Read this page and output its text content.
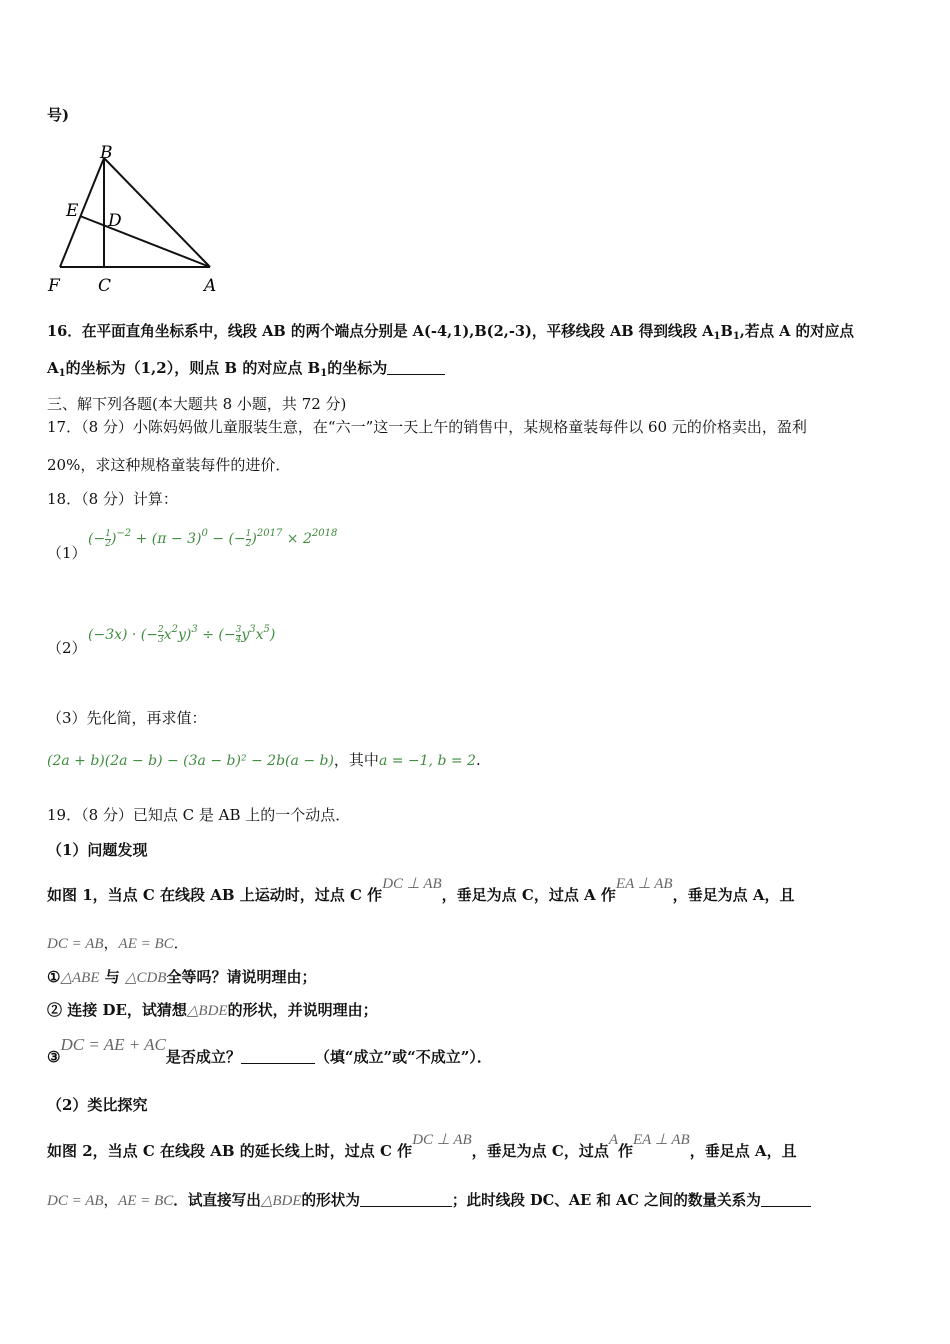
号)
B
E D
F C	A
16．在平面直角坐标系中，线段 AB 的两个端点分别是 A(-4,1),B(2,-3)，平移线段 AB 得到线段 $A_1B_1$,若点 A 的对应点
$A_1$的坐标为（1,2），则点 B 的对应点 $B_1$的坐标为
三、解下列各题(本大题共 8 小题，共 72 分)
17．（8 分）小陈妈妈做儿童服装生意，在“六一”这一天上午的销售中，某规格童装每件以 60 元的价格卖出，盈利
20%，求这种规格童装每件的进价．
18．（8 分）计算：
（1）
(− $\frac{1}{2} )^{-2} + (\pi - 3)^0$ − (− $\frac{1}{2} )^{2017} \times 2^{2018}$
（2）
(−3x) · (− $\frac{2}{3} x^2y)^3$ ÷ (− $\frac{3}{4} y^3x^5$)
（3）先化简，再求值：
(2a + b)(2a − b) − (3a − b)² − 2b(a − b)，其中a = −1, b = 2.
19．（8 分）已知点 C 是 AB 上的一个动点．
（1）问题发现
如图 1，当点 C 在线段 AB 上运动时，过点 C 作DC ⊥ AB，垂足为点 C，过点 A 作EA ⊥ AB，垂足为点 A，且
DC = AB，AE = BC．
①△ABE 与 △CDB全等吗？请说明理由；
② 连接 DE，试猜想△BDE的形状，并说明理由；
③DC = AE + AC是否成立？	（填“成立”或“不成立”）．
（2）类比探究
如图 2，当点 C 在线段 AB 的延长线上时，过点 C 作DC ⊥ AB，垂足为点 C，过点A作EA ⊥ AB，垂足点 A，且
DC = AB，AE = BC．试直接写出△BDE的形状为	；此时线段 DC、AE 和 AC 之间的数量关系为
